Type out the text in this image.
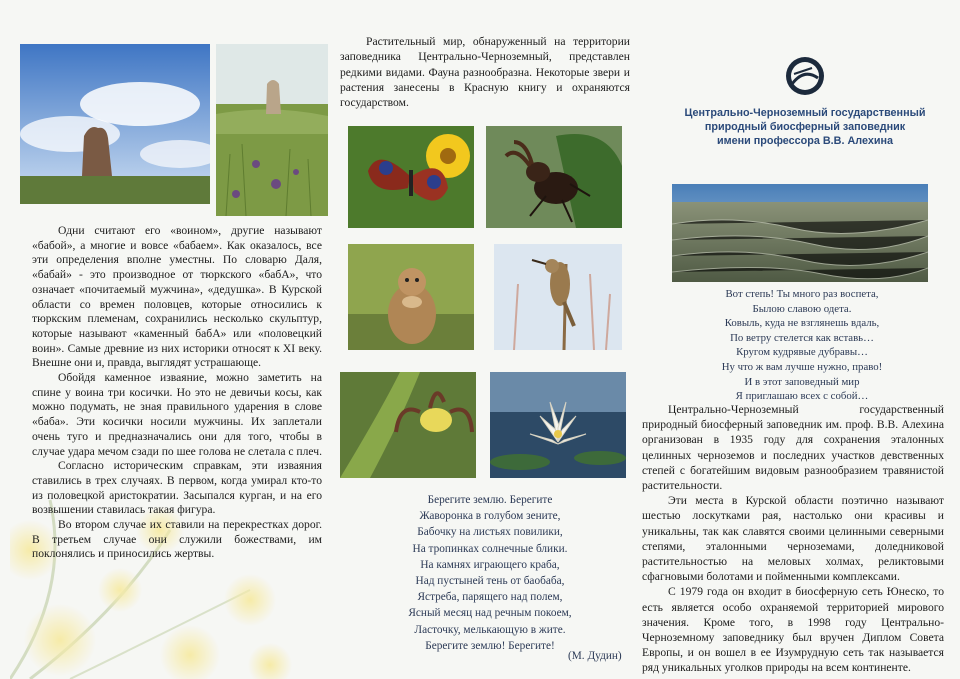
Одни считают его «воином», другие называют «бабой», а многие и вовсе «бабаем». Как оказалось, все эти определения вполне уместны. По словарю Даля, «бабай» - это производное от тюркского «бабА», что означает «почитаемый мужчина», «дедушка». В Курской области со времен половцев, которые относились к тюркским племенам, сохранились несколько скульптур, которые называют «каменный бабА» или «половецкий воин». Самые древние из них историки относят к XI веку. Внешне они и, правда, выглядят устрашающе.

Обойдя каменное изваяние, можно заметить на спине у воина три косички. Но это не девичьи косы, как можно подумать, не зная правильного ударения в слове «баба». Эти косички носили мужчины. Их заплетали очень туго и предназначались они для того, чтобы в случае удара мечом сзади по шее голова не слетала с плеч.

Согласно историческим справкам, эти изваяния ставились в трех случаях. В первом, когда умирал кто-то из половецкой аристократии. Засыпался курган, и на его возвышении ставилась такая фигура.

Во втором случае их ставили на перекрестках дорог. В третьем случае они служили божествами, им поклонялись и приносились жертвы.

Растительный мир, обнаруженный на территории заповедника Центрально-Черноземный, представлен редкими видами. Фауна разнообразна. Некоторые звери и растения занесены в Красную книгу и охраняются государством.

Берегите землю. Берегите
Жаворонка в голубом зените,
Бабочку на листьях повилики,
На тропинках солнечные блики.
На камнях играющего краба,
Над пустыней тень от баобаба,
Ястреба, парящего над полем,
Ясный месяц над речным покоем,
Ласточку, мелькающую в жите.
Берегите землю! Берегите!
(М. Дудин)
Центрально-Черноземный государственный
природный биосферный заповедник
имени профессора В.В. Алехина
Вот степь! Ты много раз воспета,
Былою славою одета.
Ковыль, куда не взглянешь вдаль,
По ветру стелется как вставь…
Кругом кудрявые дубравы…
Ну что ж вам лучше нужно, право!
И в этот заповедный мир
Я приглашаю всех с собой…

Центрально-Черноземный государственный природный биосферный заповедник им. проф. В.В. Алехина организован в 1935 году для сохранения эталонных целинных черноземов и последних участков девственных степей с богатейшим видовым разнообразием травянистой растительности.

Эти места в Курской области поэтично называют шестью лоскутками рая, настолько они красивы и уникальны, так как славятся своими целинными северными степями, эталонными черноземами, доледниковой растительностью на меловых холмах, реликтовыми сфагновыми болотами и пойменными комплексами.

С 1979 года он входит в биосферную сеть Юнеско, то есть является особо охраняемой территорией мирового значения. Кроме того, в 1998 году Центрально-Черноземному заповеднику был вручен Диплом Совета Европы, и он вошел в ее Изумрудную сеть так называется ряд уникальных уголков природы на всем континенте.
